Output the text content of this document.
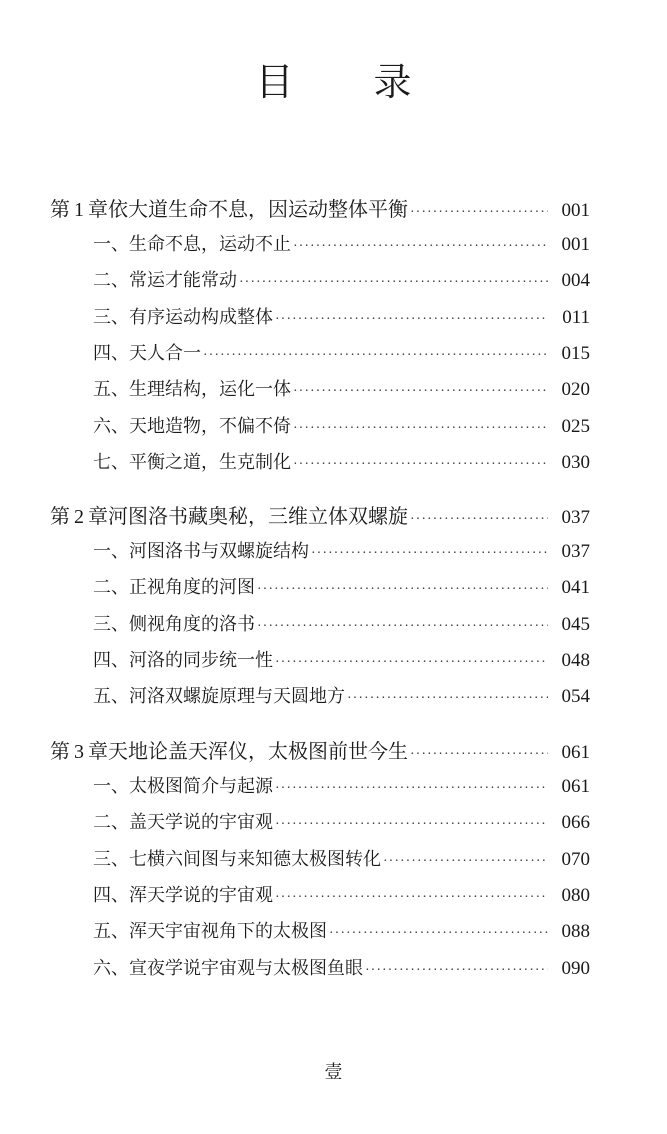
目 录
第 1 章 依大道生命不息，因运动整体平衡 ·····	001
一、生命不息，运动不止 ·····	001
二、常运才能常动 ·····	004
三、有序运动构成整体 ·····	011
四、天人合一 ·····	015
五、生理结构，运化一体 ·····	020
六、天地造物，不偏不倚 ·····	025
七、平衡之道，生克制化 ·····	030
第 2 章 河图洛书藏奥秘，三维立体双螺旋 ·····	037
一、河图洛书与双螺旋结构 ·····	037
二、正视角度的河图 ·····	041
三、侧视角度的洛书 ·····	045
四、河洛的同步统一性 ·····	048
五、河洛双螺旋原理与天圆地方 ·····	054
第 3 章 天地论盖天浑仪，太极图前世今生 ·····	061
一、太极图简介与起源 ·····	061
二、盖天学说的宇宙观 ·····	066
三、七横六间图与来知德太极图转化 ·····	070
四、浑天学说的宇宙观 ·····	080
五、浑天宇宙视角下的太极图 ·····	088
六、宣夜学说宇宙观与太极图鱼眼 ·····	090
壹
